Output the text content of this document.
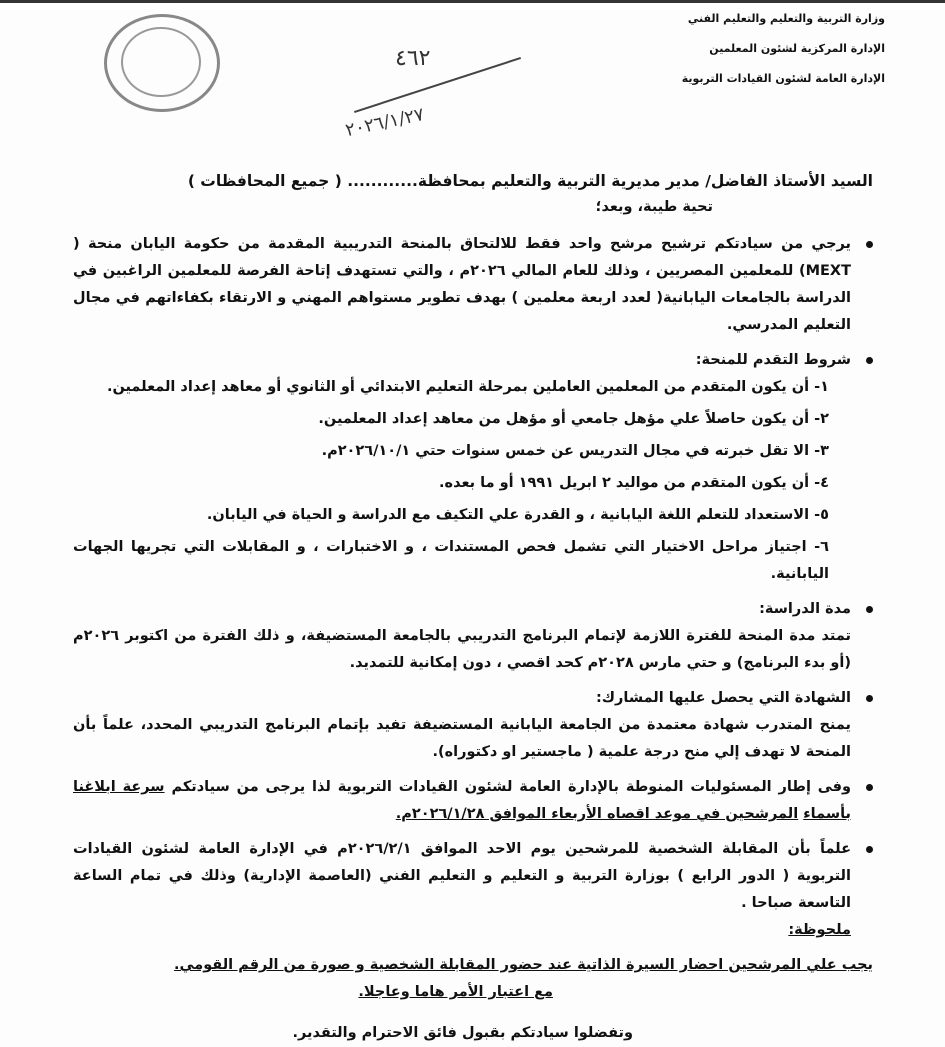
وزارة التربية والتعليم والتعليم الفني
الإدارة المركزية لشئون المعلمين
الإدارة العامة لشئون القيادات التربوية
٤٦٢
٢٠٢٦/١/٢٧
السيد الأستاذ الفاضل/ مدير مديرية التربية والتعليم بمحافظة............ ( جميع المحافظات )
تحية طيبة، وبعد؛
يرجي من سيادتكم ترشيح مرشح واحد فقط للالتحاق بالمنحة التدريبية المقدمة من حكومة اليابان منحة ( MEXT) للمعلمين المصريين ، وذلك للعام المالي ٢٠٢٦م ، والتي تستهدف إتاحة الفرصة للمعلمين الراغبين في الدراسة بالجامعات اليابانية( لعدد اربعة معلمين ) بهدف تطوير مستواهم المهني و الارتقاء بكفاءاتهم في مجال التعليم المدرسي.
شروط التقدم للمنحة:
١- أن يكون المتقدم من المعلمين العاملين بمرحلة التعليم الابتدائي أو الثانوي أو معاهد إعداد المعلمين.
٢- أن يكون حاصلاً علي مؤهل جامعي أو مؤهل من معاهد إعداد المعلمين.
٣- الا تقل خبرته في مجال التدريس عن خمس سنوات حتي ٢٠٢٦/١٠/١م.
٤- أن يكون المتقدم من مواليد ٢ ابريل ١٩٩١ أو ما بعده.
٥- الاستعداد للتعلم اللغة اليابانية ، و القدرة علي التكيف مع الدراسة و الحياة في اليابان.
٦- اجتياز مراحل الاختيار التي تشمل فحص المستندات ، و الاختبارات ، و المقابلات التي تجريها الجهات اليابانية.
مدة الدراسة:
تمتد مدة المنحة للفترة اللازمة لإتمام البرنامج التدريبي بالجامعة المستضيفة، و ذلك الفترة من اكتوبر ٢٠٢٦م (أو بدء البرنامج) و حتي مارس ٢٠٢٨م كحد اقصي ، دون إمكانية للتمديد.
الشهادة التي يحصل عليها المشارك:
يمنح المتدرب شهادة معتمدة من الجامعة اليابانية المستضيفة تفيد بإتمام البرنامج التدريبي المحدد، علماً بأن المنحة لا تهدف إلي منح درجة علمية ( ماجستير او دكتوراه).
وفى إطار المسئوليات المنوطة بالإدارة العامة لشئون القيادات التربوية لذا يرجى من سيادتكم سرعة ابلاغنا بأسماء المرشحين في موعد اقصاه الأربعاء الموافق ٢٠٢٦/١/٢٨م.
علماً بأن المقابلة الشخصية للمرشحين يوم الاحد الموافق ٢٠٢٦/٢/١م في الإدارة العامة لشئون القيادات التربوية ( الدور الرابع ) بوزارة التربية و التعليم و التعليم الفني (العاصمة الإدارية) وذلك في تمام الساعة التاسعة صباحا .
ملحوظة:
يجب علي المرشحين احضار السيرة الذاتية عند حضور المقابلة الشخصية و صورة من الرقم القومي.
مع اعتبار الأمر هاما وعاجلا.
وتفضلوا سيادتكم بقبول فائق الاحترام والتقدير.
